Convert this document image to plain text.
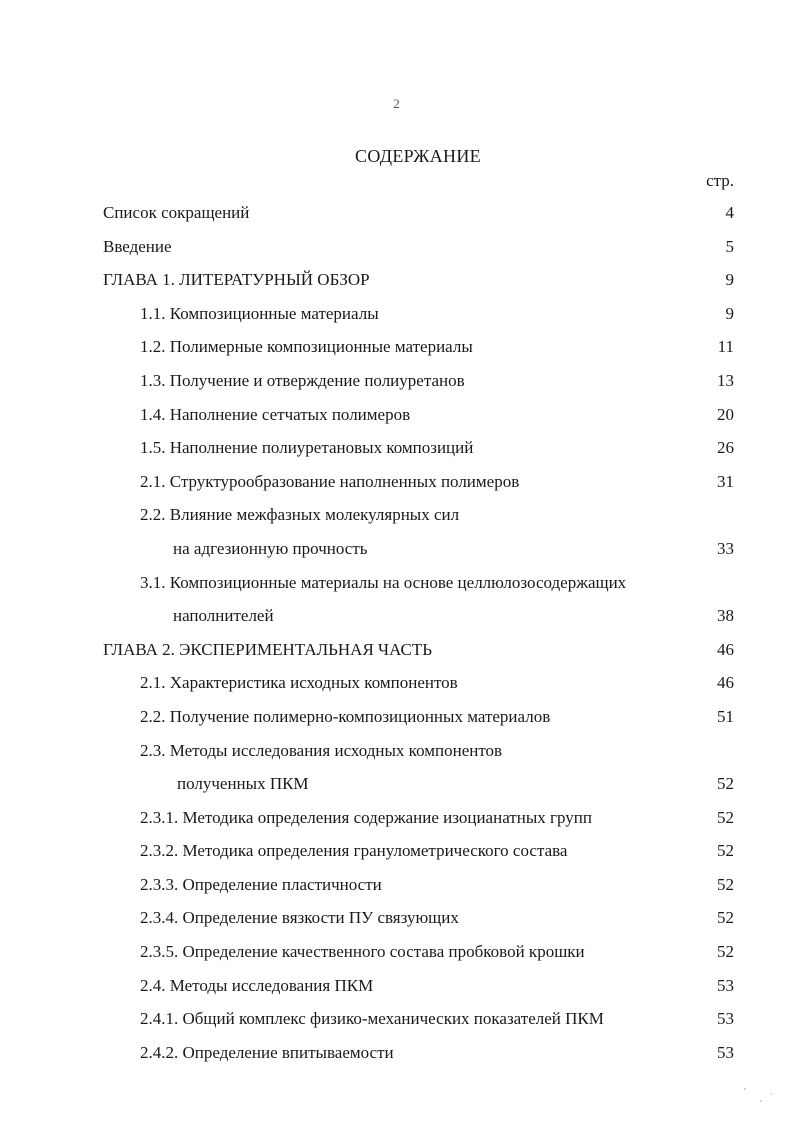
2
СОДЕРЖАНИЕ
стр.
Список сокращений	4
Введение	5
ГЛАВА 1. ЛИТЕРАТУРНЫЙ ОБЗОР	9
1.1. Композиционные материалы	9
1.2. Полимерные композиционные материалы	11
1.3. Получение и отверждение полиуретанов	13
1.4. Наполнение сетчатых полимеров	20
1.5. Наполнение полиуретановых композиций	26
2.1. Структурообразование наполненных полимеров	31
2.2. Влияние межфазных молекулярных сил
на адгезионную прочность	33
3.1. Композиционные материалы на основе целлюлозосодержащих
наполнителей	38
ГЛАВА 2. ЭКСПЕРИМЕНТАЛЬНАЯ ЧАСТЬ	46
2.1. Характеристика исходных компонентов	46
2.2. Получение полимерно-композиционных материалов	51
2.3. Методы исследования исходных компонентов
полученных ПКМ	52
2.3.1. Методика определения содержание изоцианатных групп	52
2.3.2. Методика определения гранулометрического состава	52
2.3.3. Определение пластичности	52
2.3.4. Определение вязкости ПУ связующих	52
2.3.5. Определение качественного состава пробковой крошки	52
2.4. Методы исследования ПКМ	53
2.4.1. Общий комплекс физико-механических показателей ПКМ	53
2.4.2. Определение впитываемости	53
